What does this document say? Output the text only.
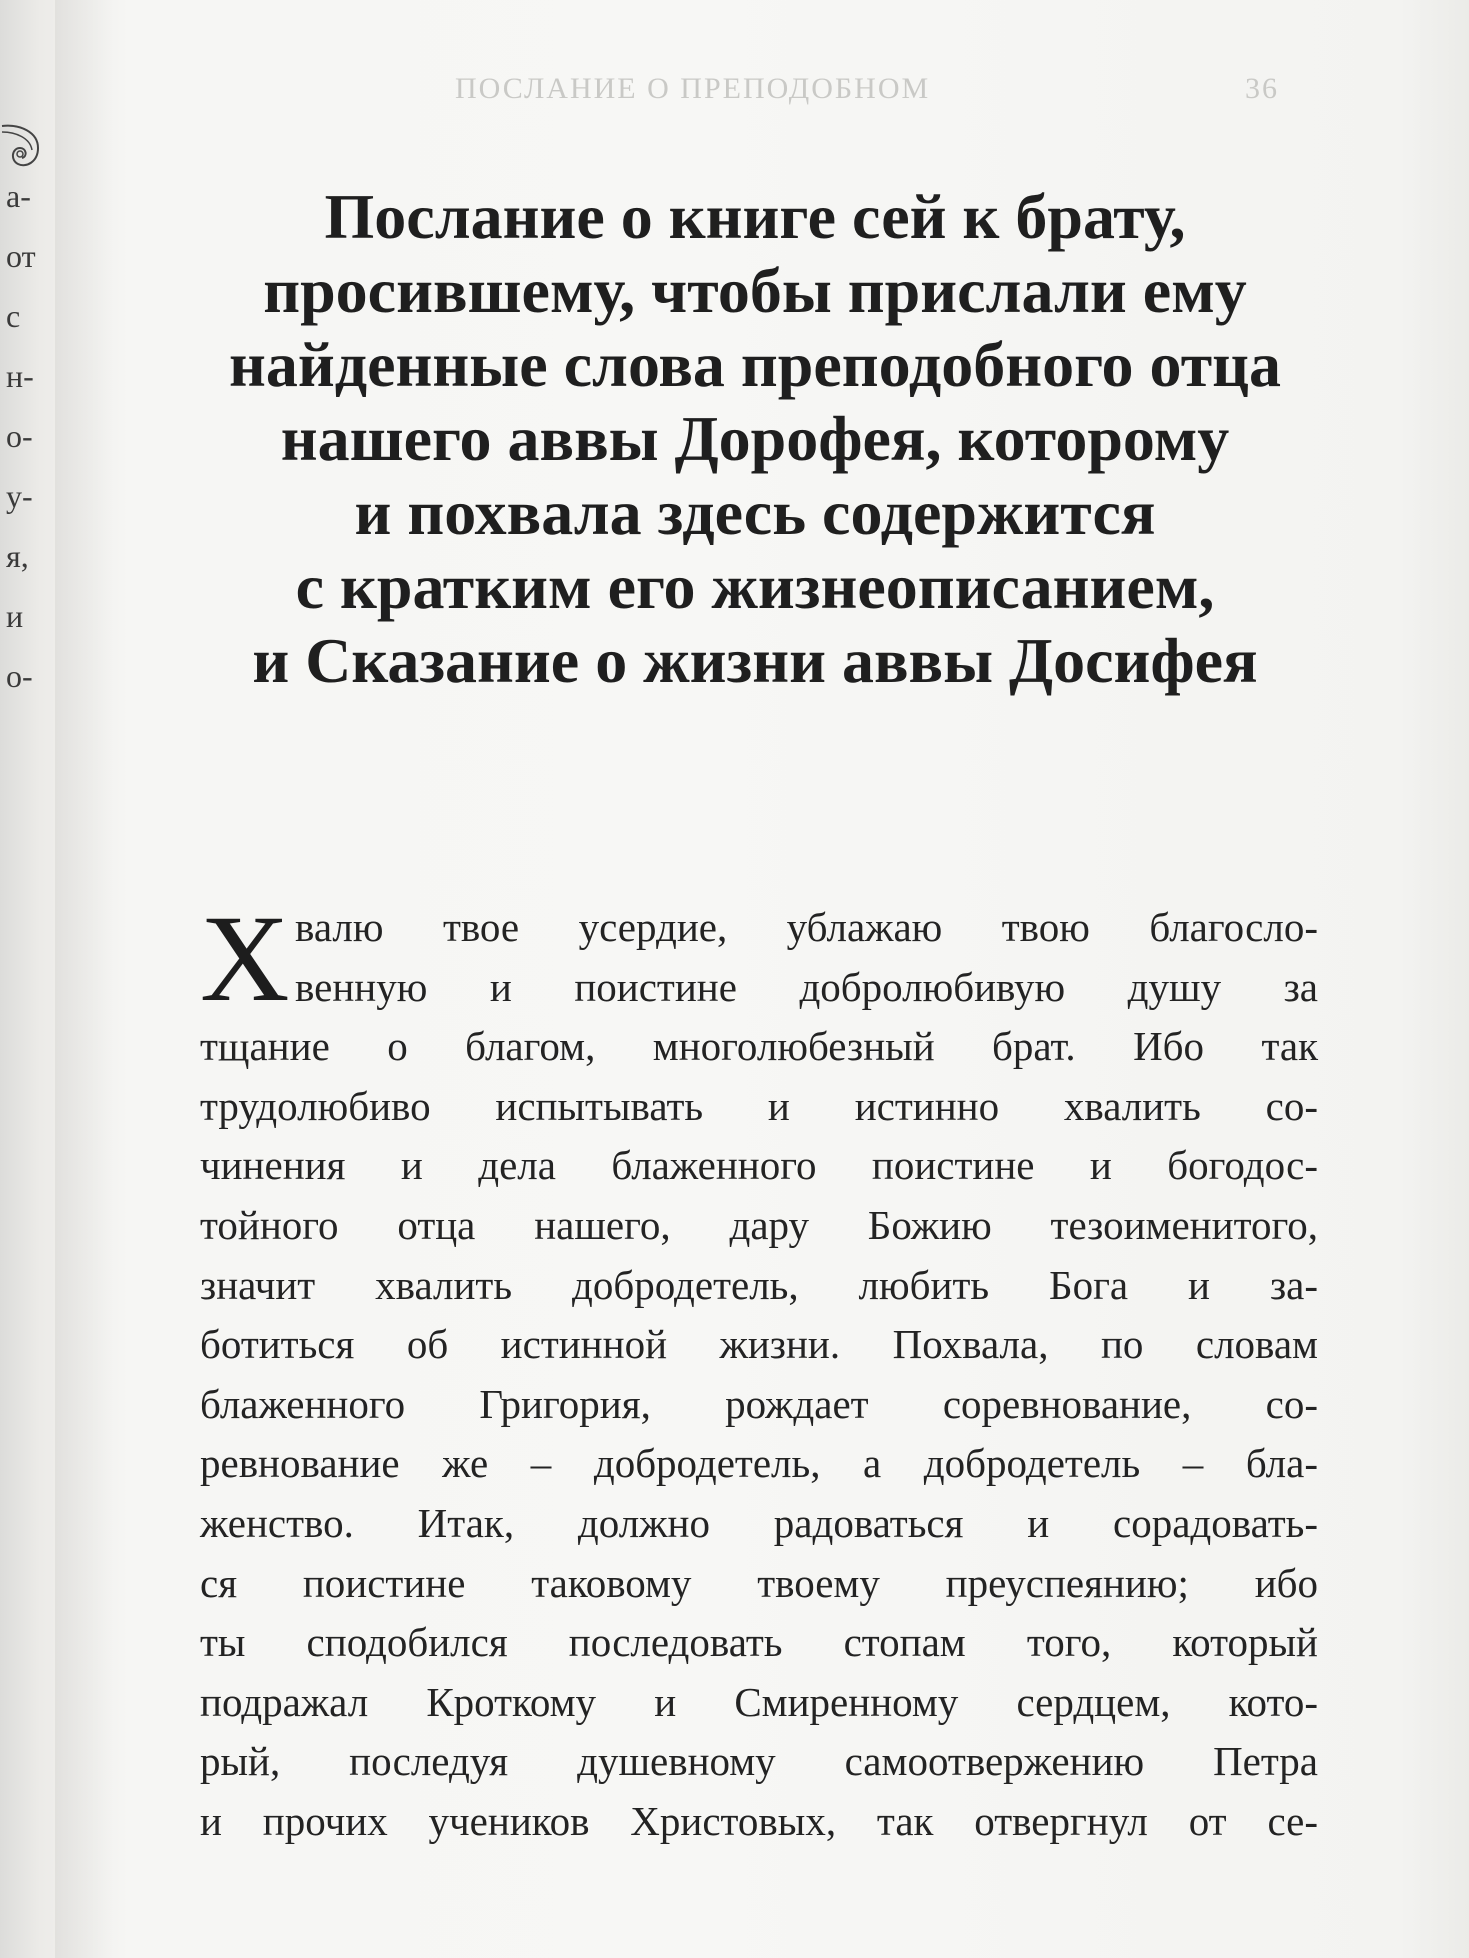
а-
от
с
н-
о-
у-
я,
и
о-
ПОСЛАНИЕ О ПРЕПОДОБНОМ	36
Послание о книге сей к брату,
просившему, чтобы прислали ему
найденные слова преподобного отца
нашего аввы Дорофея, которому
и похвала здесь содержится
с кратким его жизнеописанием,
и Сказание о жизни аввы Досифея
Х валю твое усердие, ублажаю твою благосло-
венную и поистине добролюбивую душу за
тщание о благом, многолюбезный брат. Ибо так
трудолюбиво испытывать и истинно хвалить со-
чинения и дела блаженного поистине и богодос-
тойного отца нашего, дару Божию тезоименитого,
значит хвалить добродетель, любить Бога и за-
ботиться об истинной жизни. Похвала, по словам
блаженного Григория, рождает соревнование, со-
ревнование же – добродетель, а добродетель – бла-
женство. Итак, должно радоваться и сорадовать-
ся поистине таковому твоему преуспеянию; ибо
ты сподобился последовать стопам того, который
подражал Кроткому и Смиренному сердцем, кото-
рый, последуя душевному самоотвержению Петра
и прочих учеников Христовых, так отвергнул от се-
